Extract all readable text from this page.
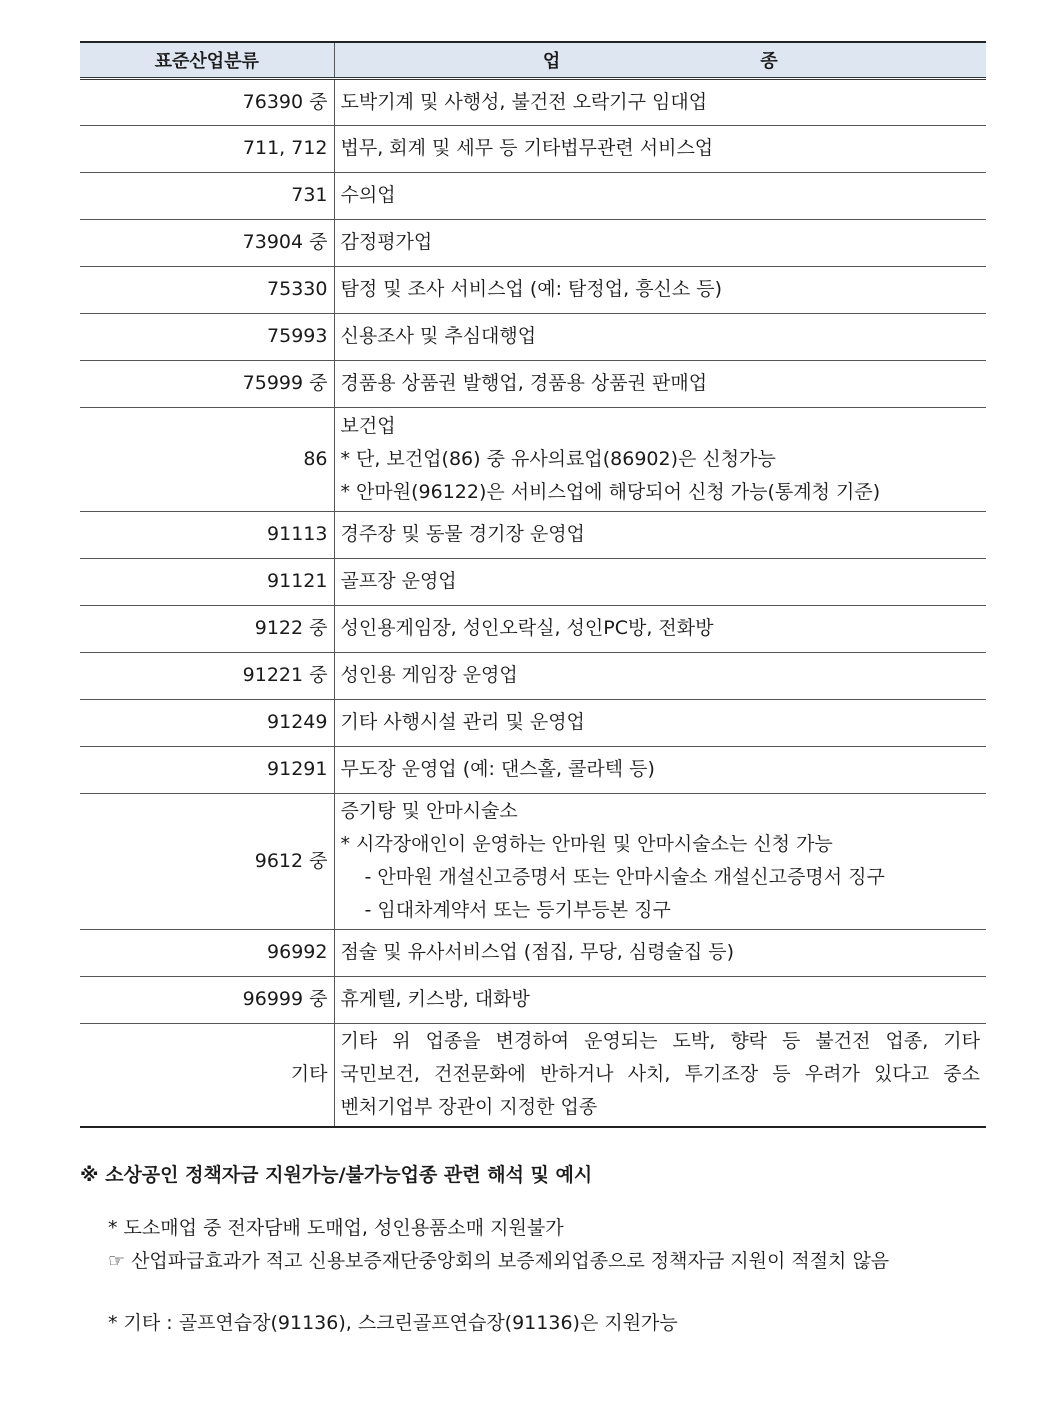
표준산업분류	업 종
76390 중	도박기계 및 사행성, 불건전 오락기구 임대업
711, 712	법무, 회계 및 세무 등 기타법무관련 서비스업
731	수의업
73904 중	감정평가업
75330	탐정 및 조사 서비스업 (예: 탐정업, 흥신소 등)
75993	신용조사 및 추심대행업
75999 중	경품용 상품권 발행업, 경품용 상품권 판매업
86	보건업
* 단, 보건업(86) 중 유사의료업(86902)은 신청가능
* 안마원(96122)은 서비스업에 해당되어 신청 가능(통계청 기준)

91113	경주장 및 동물 경기장 운영업
91121	골프장 운영업
9122 중	성인용게임장, 성인오락실, 성인PC방, 전화방
91221 중	성인용 게임장 운영업
91249	기타 사행시설 관리 및 운영업
91291	무도장 운영업 (예: 댄스홀, 콜라텍 등)
9612 중	증기탕 및 안마시술소
* 시각장애인이 운영하는 안마원 및 안마시술소는 신청 가능
- 안마원 개설신고증명서 또는 안마시술소 개설신고증명서 징구
- 임대차계약서 또는 등기부등본 징구

96992	점술 및 유사서비스업 (점집, 무당, 심령술집 등)
96999 중	휴게텔, 키스방, 대화방
기타	기타 위 업종을 변경하여 운영되는 도박, 향락 등 불건전 업종, 기타
국민보건, 건전문화에 반하거나 사치, 투기조장 등 우려가 있다고 중소
벤처기업부 장관이 지정한 업종
※ 소상공인 정책자금 지원가능/불가능업종 관련 해석 및 예시
* 도소매업 중 전자담배 도매업, 성인용품소매 지원불가
☞ 산업파급효과가 적고 신용보증재단중앙회의 보증제외업종으로 정책자금 지원이 적절치 않음
* 기타 : 골프연습장(91136), 스크린골프연습장(91136)은 지원가능
